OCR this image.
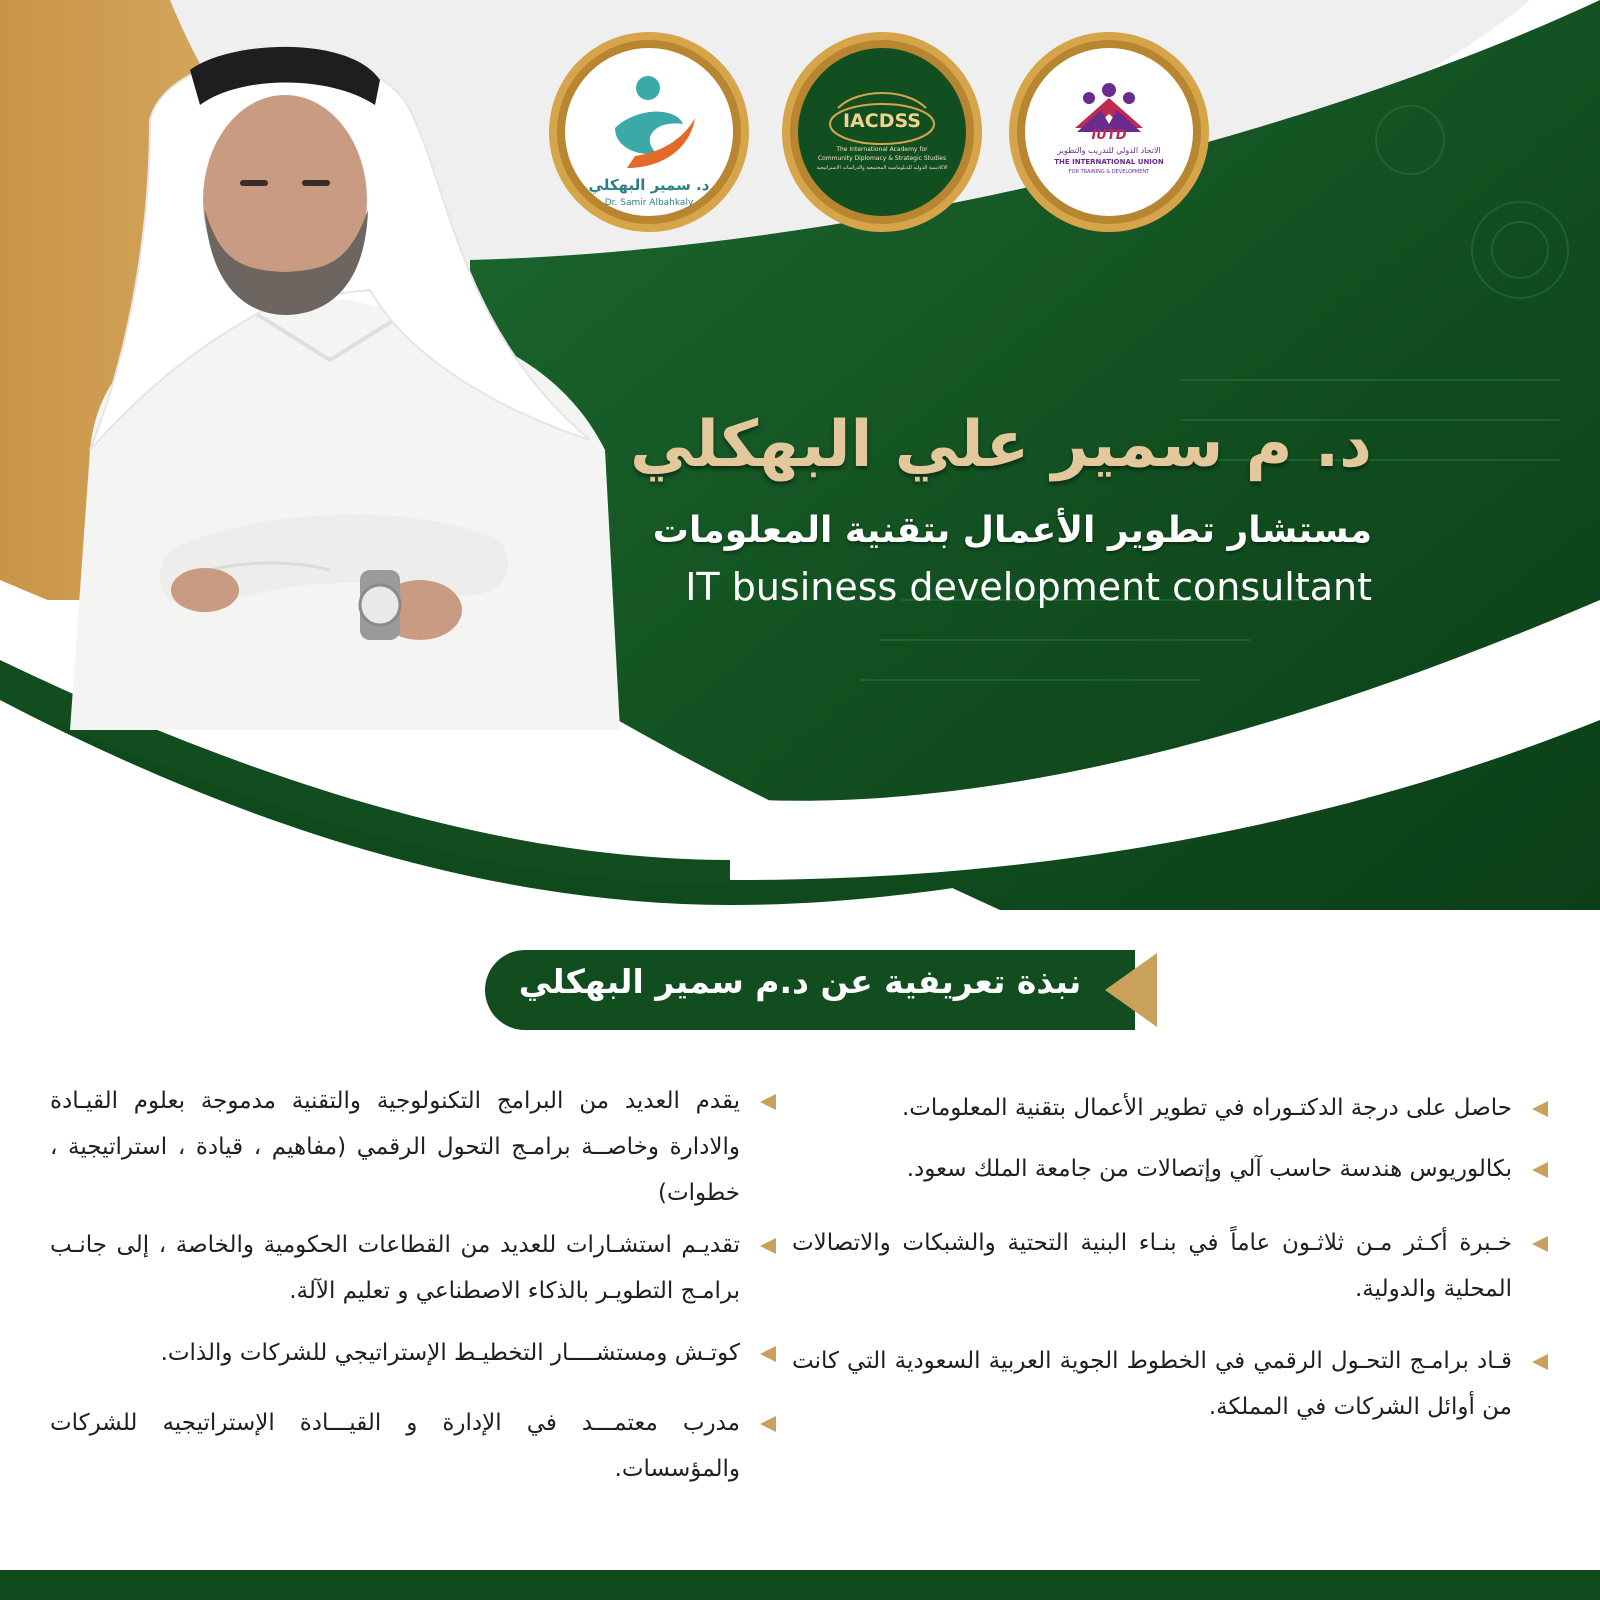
د. سمير البهكلي
Dr. Samir Albahkaly
IACDSS
The International Academy for
Community Diplomacy & Strategic Studies
الأكاديمية الدولية للدبلوماسية المجتمعية والدراسات الاستراتيجية
IUTD
الاتحاد الدولي للتدريب والتطوير
THE INTERNATIONAL UNION
FOR TRAINING & DEVELOPMENT
د. م سمير علي البهكلي
مستشار تطوير الأعمال بتقنية المعلومات
IT business development consultant
نبذة تعريفية عن د.م سمير البهكلي
حاصل على درجة الدكتـوراه في تطوير الأعمال بتقنية المعلومات.
بكالوريوس هندسة حاسب آلي وإتصالات من جامعة الملك سعود.
خـبرة أكـثر مـن ثلاثـون عاماً في بنـاء البنية التحتية والشبكات والاتصالات المحلية والدولية.
قـاد برامـج التحـول الرقمي في الخطوط الجوية العربية السعودية التي كانت من أوائل الشركات في المملكة.
يقدم العديد من البرامج التكنولوجية والتقنية مدموجة بعلوم القيـادة والادارة وخاصــة برامـج التحول الرقمي (مفاهيم ، قيادة ، استراتيجية ، خطوات)
تقديـم استشـارات للعديد من القطاعات الحكومية والخاصة ، إلى جانـب برامـج التطويـر بالذكاء الاصطناعي و تعليم الآلة.
كوتـش ومستشــــار التخطيـط الإستراتيجي للشركات والذات.
مدرب معتمـــد في الإدارة و القيـــادة الإستراتيجيه للشركات والمؤسسات.
